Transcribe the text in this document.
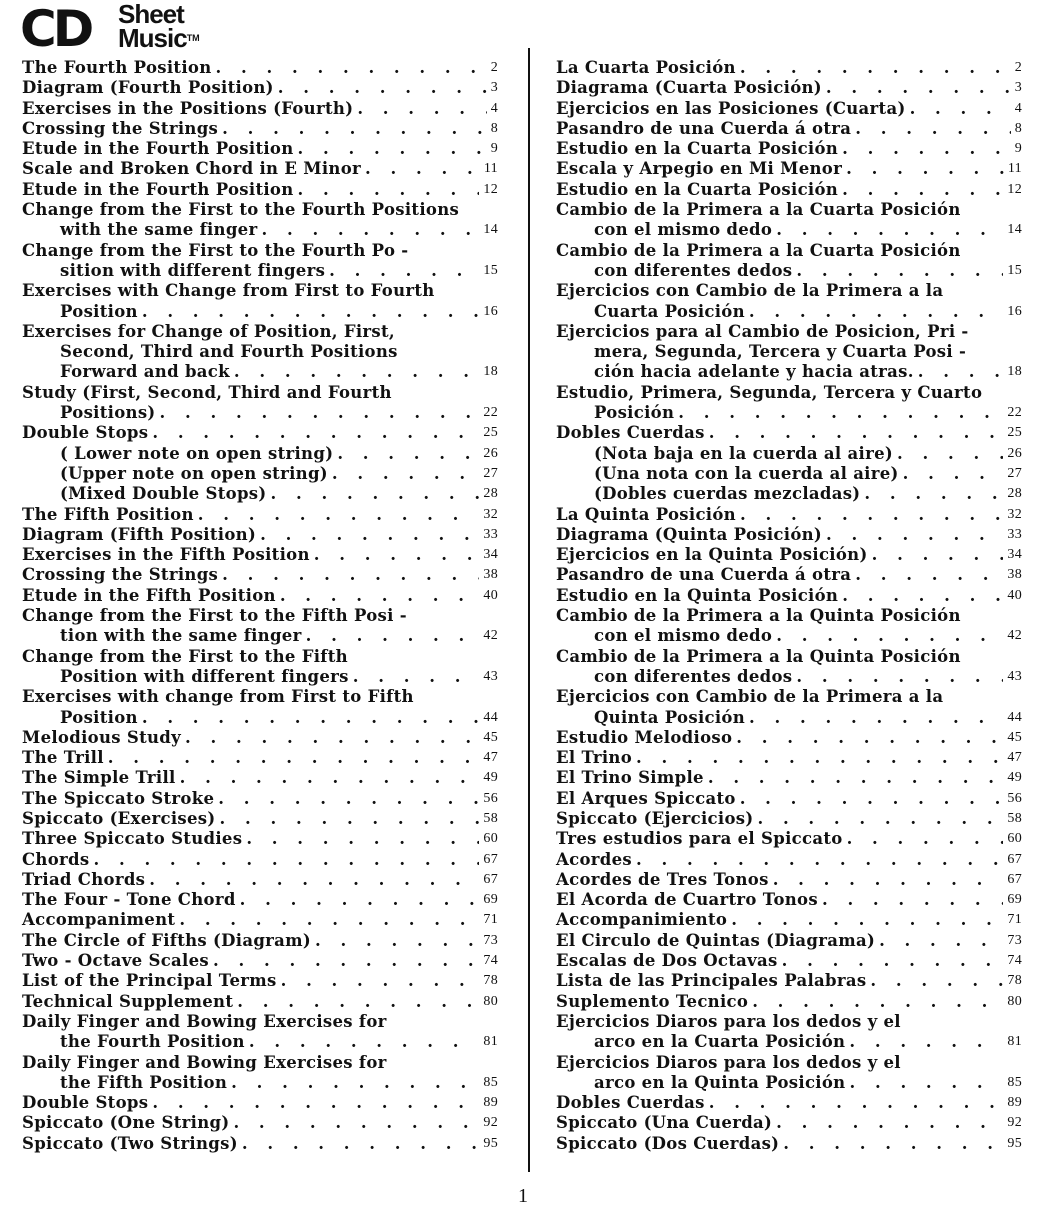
CD Sheet
Music™
The Fourth Position . . .	2
Diagram (Fourth Position) . . .	3
Exercises in the Positions (Fourth) . . .	4
Crossing the Strings . . .	8
Etude in the Fourth Position . . .	9
Scale and Broken Chord in E Minor . . .	11
Etude in the Fourth Position . . .	12
Change from the First to the Fourth Positions
with the same finger . . .	14
Change from the First to the Fourth Po -
sition with different fingers . . .	15
Exercises with Change from First to Fourth
Position . . .	16
Exercises for Change of Position, First,
Second, Third and Fourth Positions
Forward and back . . .	18
Study (First, Second, Third and Fourth
Positions) . . .	22
Double Stops . . .	25
( Lower note on open string) . . .	26
(Upper note on open string) . . .	27
(Mixed Double Stops) . . .	28
The Fifth Position . . .	32
Diagram (Fifth Position) . . .	33
Exercises in the Fifth Position . . .	34
Crossing the Strings . . .	38
Etude in the Fifth Position . . .	40
Change from the First to the Fifth Posi -
tion with the same finger . . .	42
Change from the First to the Fifth
Position with different fingers . . .	43
Exercises with change from First to Fifth
Position . . .	44
Melodious Study . . .	45
The Trill . . .	47
The Simple Trill . . .	49
The Spiccato Stroke . . .	56
Spiccato (Exercises) . . .	58
Three Spiccato Studies . . .	60
Chords . . .	67
Triad Chords . . .	67
The Four - Tone Chord . . .	69
Accompaniment . . .	71
The Circle of Fifths (Diagram) . . .	73
Two - Octave Scales . . .	74
List of the Principal Terms . . .	78
Technical Supplement . . .	80
Daily Finger and Bowing Exercises for
the Fourth Position . . .	81
Daily Finger and Bowing Exercises for
the Fifth Position . . .	85
Double Stops . . .	89
Spiccato (One String) . . .	92
Spiccato (Two Strings) . . .	95
La Cuarta Posición . . .	2
Diagrama (Cuarta Posición) . . .	3
Ejercicios en las Posiciones (Cuarta) . . .	4
Pasandro de una Cuerda á otra . . .	8
Estudio en la Cuarta Posición . . .	9
Escala y Arpegio en Mi Menor . . .	11
Estudio en la Cuarta Posición . . .	12
Cambio de la Primera a la Cuarta Posición
con el mismo dedo . . .	14
Cambio de la Primera a la Cuarta Posición
con diferentes dedos . . .	15
Ejercicios con Cambio de la Primera a la
Cuarta Posición . . .	16
Ejercicios para al Cambio de Posicion, Pri -
mera, Segunda, Tercera y Cuarta Posi -
ción hacia adelante y hacia atras. . . .	18
Estudio, Primera, Segunda, Tercera y Cuarto
Posición . . .	22
Dobles Cuerdas . . .	25
(Nota baja en la cuerda al aire) . . .	26
(Una nota con la cuerda al aire) . . .	27
(Dobles cuerdas mezcladas) . . .	28
La Quinta Posición . . .	32
Diagrama (Quinta Posición) . . .	33
Ejercicios en la Quinta Posición) . . .	34
Pasandro de una Cuerda á otra . . .	38
Estudio en la Quinta Posición . . .	40
Cambio de la Primera a la Quinta Posición
con el mismo dedo . . .	42
Cambio de la Primera a la Quinta Posición
con diferentes dedos . . .	43
Ejercicios con Cambio de la Primera a la
Quinta Posición . . .	44
Estudio Melodioso . . .	45
El Trino . . .	47
El Trino Simple . . .	49
El Arques Spiccato . . .	56
Spiccato (Ejercicios) . . .	58
Tres estudios para el Spiccato . . .	60
Acordes . . .	67
Acordes de Tres Tonos . . .	67
El Acorda de Cuartro Tonos . . .	69
Accompanimiento . . .	71
El Circulo de Quintas (Diagrama) . . .	73
Escalas de Dos Octavas . . .	74
Lista de las Principales Palabras . . .	78
Suplemento Tecnico . . .	80
Ejercicios Diaros para los dedos y el
arco en la Cuarta Posición . . .	81
Ejercicios Diaros para los dedos y el
arco en la Quinta Posición . . .	85
Dobles Cuerdas . . .	89
Spiccato (Una Cuerda) . . .	92
Spiccato (Dos Cuerdas) . . .	95
1
